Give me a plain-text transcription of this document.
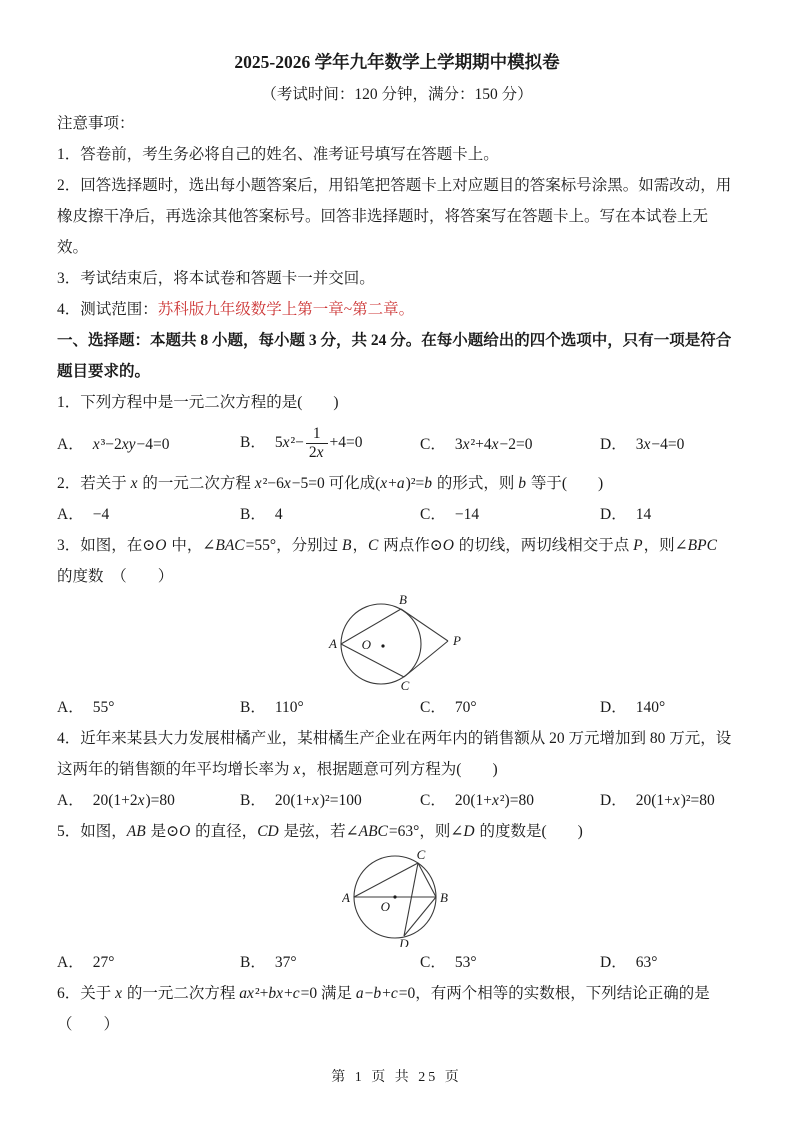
2025-2026 学年九年数学上学期期中模拟卷

（考试时间：120 分钟，满分：150 分）

注意事项：

1．答卷前，考生务必将自己的姓名、准考证号填写在答题卡上。

2．回答选择题时，选出每小题答案后，用铅笔把答题卡上对应题目的答案标号涂黑。如需改动，用橡皮擦干净后，再选涂其他答案标号。回答非选择题时，将答案写在答题卡上。写在本试卷上无效。

3．考试结束后，将本试卷和答题卡一并交回。

4．测试范围：苏科版九年级数学上第一章~第二章。

一、选择题：本题共 8 小题，每小题 3 分，共 24 分。在每小题给出的四个选项中，只有一项是符合题目要求的。

1．下列方程中是一元二次方程的是(　　)

A． x³−2xy−4=0	B． $5x^2- \frac{1}{2x} +4=0$	C． 3x²+4x−2=0	D． 3x−4=0

2．若关于 x 的一元二次方程 x²−6x−5=0 可化成(x+a)²=b 的形式，则 b 等于(　　)

A． −4	B． 4	C． −14	D． 14

3．如图，在⊙O 中，∠BAC=55°，分别过 B，C 两点作⊙O 的切线，两切线相交于点 P，则∠BPC 的度数　（　　）

O
A
B
C
P
A． 55°	B． 110°	C． 70°	D． 140°

4．近年来某县大力发展柑橘产业，某柑橘生产企业在两年内的销售额从 20 万元增加到 80 万元，设这两年的销售额的年平均增长率为 x，根据题意可列方程为(　　)

A． 20(1+2x)=80	B． 20(1+x)²=100	C． 20(1+x²)=80	D． 20(1+x)²=80

5．如图，AB 是⊙O 的直径，CD 是弦，若∠ABC=63°，则∠D 的度数是(　　)

O
A	B
C
D
A． 27°	B． 37°	C． 53°	D． 63°

6．关于 x 的一元二次方程 ax²+bx+c=0 满足 a−b+c=0，有两个相等的实数根，下列结论正确的是

（　　）

第 1 页 共 25 页
